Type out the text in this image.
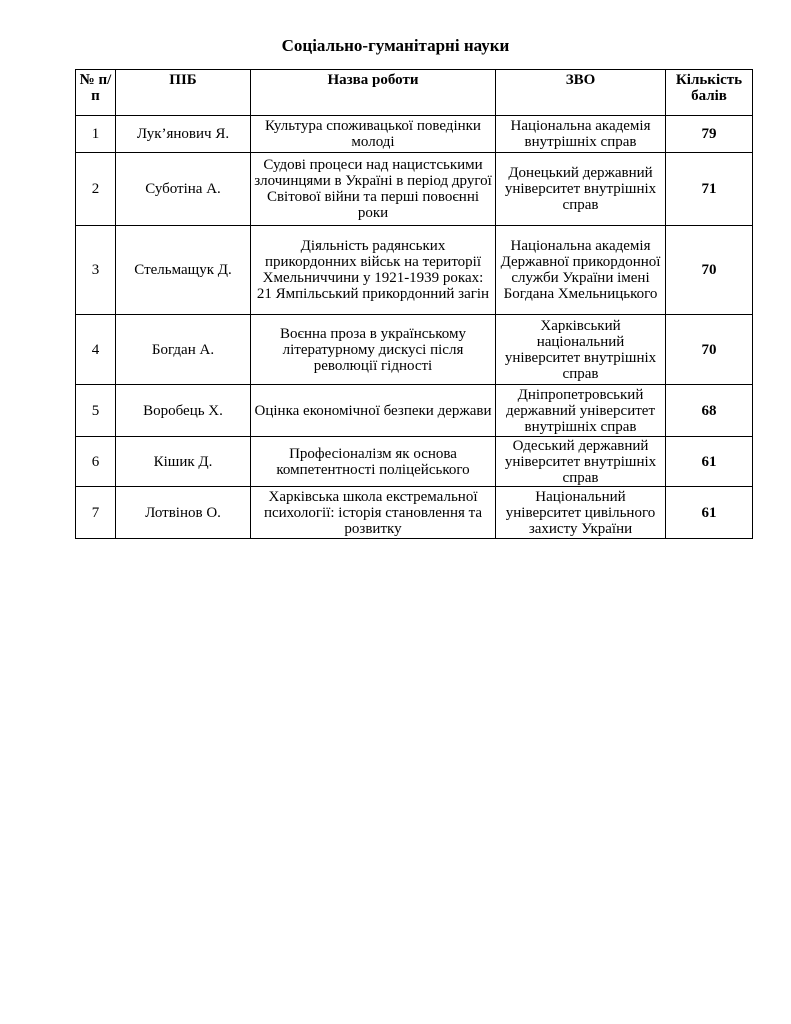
Соціально-гуманітарні науки
№ п/п	ПІБ	Назва роботи	ЗВО	Кількість балів
1	Лук’янович Я.	Культура споживацької поведінки молоді	Національна академія внутрішніх справ	79
2	Суботіна А.	Судові процеси над нацистськими злочинцями в Україні в період другої Світової війни та перші повоєнні роки	Донецький державний університет внутрішніх справ	71
3	Стельмащук Д.	Діяльність радянських прикордонних військ на території Хмельниччини у 1921-1939 роках: 21 Ямпільський прикордонний загін	Національна академія Державної прикордонної служби України імені Богдана Хмельницького	70
4	Богдан А.	Воєнна проза в українському літературному дискусі після революції гідності	Харківський національний університет внутрішніх справ	70
5	Воробець Х.	Оцінка економічної безпеки держави	Дніпропетровський державний університет внутрішніх справ	68
6	Кішик Д.	Професіоналізм як основа компетентності поліцейського	Одеський державний університет внутрішніх справ	61
7	Лотвінов О.	Харківська школа екстремальної психології: історія становлення та розвитку	Національний університет цивільного захисту України	61
